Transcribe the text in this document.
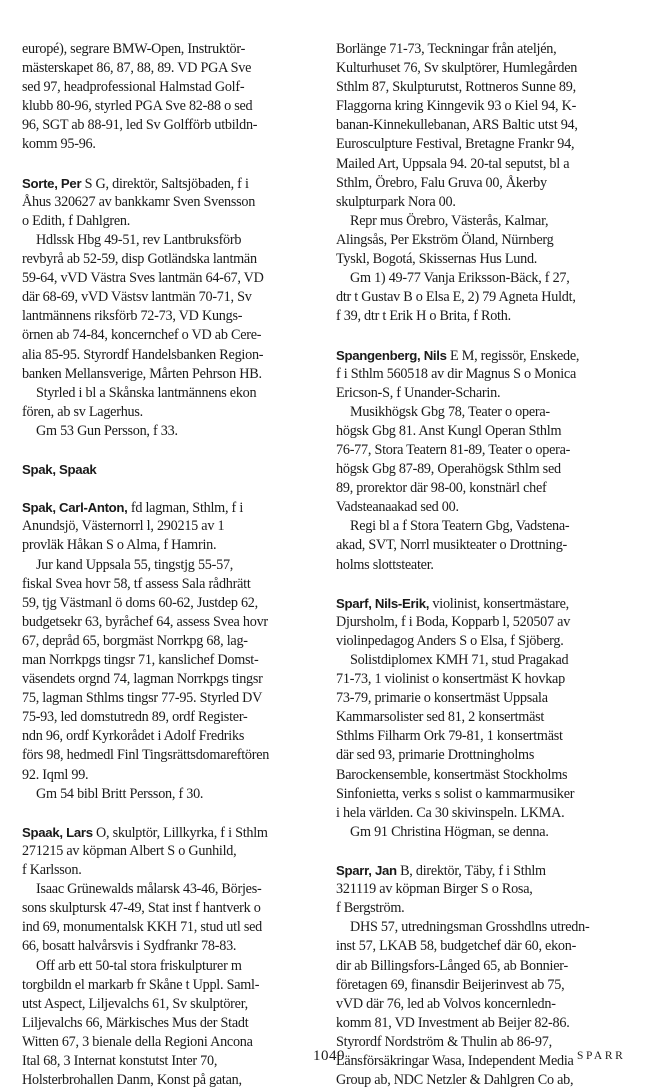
europé), segrare BMW-Open, Instruktör-
mästerskapet 86, 87, 88, 89. VD PGA Sve
sed 97, headprofessional Halmstad Golf-
klubb 80-96, styrled PGA Sve 82-88 o sed
96, SGT ab 88-91, led Sv Golfförb utbildn-
komm 95-96.
Sorte, Per S G, direktör, Saltsjöbaden, f i
Åhus 320627 av bankkamr Sven Svensson
o Edith, f Dahlgren.
Hdlssk Hbg 49-51, rev Lantbruksförb
revbyrå ab 52-59, disp Gotländska lantmän
59-64, vVD Västra Sves lantmän 64-67, VD
där 68-69, vVD Västsv lantmän 70-71, Sv
lantmännens riksförb 72-73, VD Kungs-
örnen ab 74-84, koncernchef o VD ab Cere-
alia 85-95. Styrordf Handelsbanken Region-
banken Mellansverige, Mårten Pehrson HB.
Styrled i bl a Skånska lantmännens ekon
fören, ab sv Lagerhus.
Gm 53 Gun Persson, f 33.
Spak, Spaak
Spak, Carl-Anton, fd lagman, Sthlm, f i
Anundsjö, Västernorrl l, 290215 av 1
provläk Håkan S o Alma, f Hamrin.
Jur kand Uppsala 55, tingstjg 55-57,
fiskal Svea hovr 58, tf assess Sala rådhrätt
59, tjg Västmanl ö doms 60-62, Justdep 62,
budgetsekr 63, byråchef 64, assess Svea hovr
67, depråd 65, borgmäst Norrkpg 68, lag-
man Norrkpgs tingsr 71, kanslichef Domst-
väsendets orgnd 74, lagman Norrkpgs tingsr
75, lagman Sthlms tingsr 77-95. Styrled DV
75-93, led domstutredn 89, ordf Register-
ndn 96, ordf Kyrkorådet i Adolf Fredriks
förs 98, hedmedl Finl Tingsrättsdomareftören
92. Iqml 99.
Gm 54 bibl Britt Persson, f 30.
Spaak, Lars O, skulptör, Lillkyrka, f i Sthlm
271215 av köpman Albert S o Gunhild,
f Karlsson.
Isaac Grünewalds målarsk 43-46, Börjes-
sons skulptursk 47-49, Stat inst f hantverk o
ind 69, monumentalsk KKH 71, stud utl sed
66, bosatt halvårsvis i Sydfrankr 78-83.
Off arb ett 50-tal stora friskulpturer m
torgbildn el markarb fr Skåne t Uppl. Saml-
utst Aspect, Liljevalchs 61, Sv skulptörer,
Liljevalchs 66, Märkisches Mus der Stadt
Witten 67, 3 bienale della Regioni Ancona
Ital 68, 3 Internat konstutst Inter 70,
Holsterbrohallen Danm, Konst på gatan,
Borlänge 71-73, Teckningar från ateljén,
Kulturhuset 76, Sv skulptörer, Humlegården
Sthlm 87, Skulpturutst, Rottneros Sunne 89,
Flaggorna kring Kinngevik 93 o Kiel 94, K-
banan-Kinnekullebanan, ARS Baltic utst 94,
Eurosculpture Festival, Bretagne Frankr 94,
Mailed Art, Uppsala 94. 20-tal seputst, bl a
Sthlm, Örebro, Falu Gruva 00, Åkerby
skulpturpark Nora 00.
Repr mus Örebro, Västerås, Kalmar,
Alingsås, Per Ekström Öland, Nürnberg
Tyskl, Bogotá, Skissernas Hus Lund.
Gm 1) 49-77 Vanja Eriksson-Bäck, f 27,
dtr t Gustav B o Elsa E, 2) 79 Agneta Huldt,
f 39, dtr t Erik H o Brita, f Roth.
Spangenberg, Nils E M, regissör, Enskede,
f i Sthlm 560518 av dir Magnus S o Monica
Ericson-S, f Unander-Scharin.
Musikhögsk Gbg 78, Teater o opera-
högsk Gbg 81. Anst Kungl Operan Sthlm
76-77, Stora Teatern 81-89, Teater o opera-
högsk Gbg 87-89, Operahögsk Sthlm sed
89, prorektor där 98-00, konstnärl chef
Vadsteanaakad sed 00.
Regi bl a f Stora Teatern Gbg, Vadstena-
akad, SVT, Norrl musikteater o Drottning-
holms slottsteater.
Sparf, Nils-Erik, violinist, konsertmästare,
Djursholm, f i Boda, Kopparb l, 520507 av
violinpedagog Anders S o Elsa, f Sjöberg.
Solistdiplomex KMH 71, stud Pragakad
71-73, 1 violinist o konsertmäst K hovkap
73-79, primarie o konsertmäst Uppsala
Kammarsolister sed 81, 2 konsertmäst
Sthlms Filharm Ork 79-81, 1 konsertmäst
där sed 93, primarie Drottningholms
Barockensemble, konsertmäst Stockholms
Sinfonietta, verks s solist o kammarmusiker
i hela världen. Ca 30 skivinspeln. LKMA.
Gm 91 Christina Högman, se denna.
Sparr, Jan B, direktör, Täby, f i Sthlm
321119 av köpman Birger S o Rosa,
f Bergström.
DHS 57, utredningsman Grosshdlns utredn-
inst 57, LKAB 58, budgetchef där 60, ekon-
dir ab Billingsfors-Långed 65, ab Bonnier-
företagen 69, finansdir Beijerinvest ab 75,
vVD där 76, led ab Volvos koncernledn-
komm 81, VD Investment ab Beijer 82-86.
Styrordf Nordström & Thulin ab 86-97,
Länsförsäkringar Wasa, Independent Media
Group ab, NDC Netzler & Dahlgren Co ab,
1049	SPARR
